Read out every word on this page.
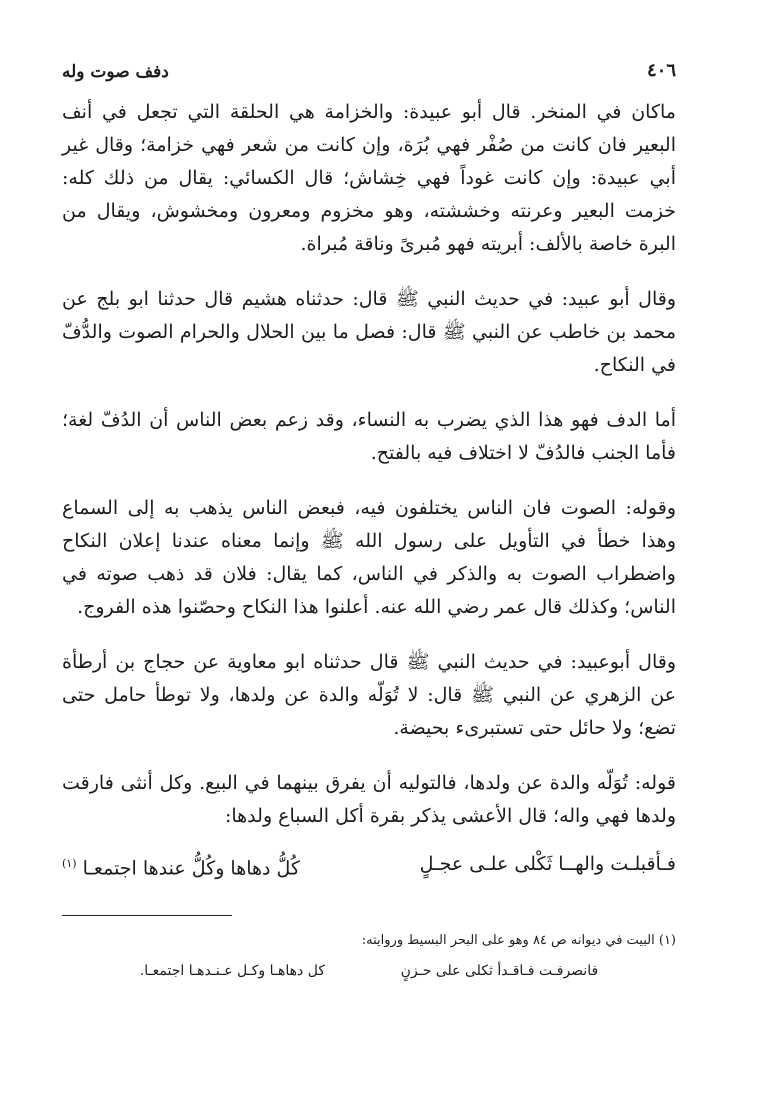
٤٠٦
دفف صوت وله

ماكان في المنخر. قال أبو عبيدة: والخزامة هي الحلقة التي تجعل في أنف البعير فان كانت من صُفْر فهي بُرَة، وإن كانت من شعر فهي خزامة؛ وقال غير أبي عبيدة: وإن كانت غوداً فهي خِشاش؛ قال الكسائي: يقال من ذلك كله: خزمت البعير وعرنته وخششته، وهو مخزوم ومعرون ومخشوش، ويقال من البرة خاصة بالألف: أبريته فهو مُبرىً وناقة مُبراة.

وقال أبو عبيد: في حديث النبي ﷺ قال: حدثناه هشيم قال حدثنا ابو بلج عن محمد بن خاطب عن النبي ﷺ قال: فصل ما بين الحلال والحرام الصوت والدُّفّ في النكاح.

أما الدف فهو هذا الذي يضرب به النساء، وقد زعم بعض الناس أن الدُفّ لغة؛ فأما الجنب فالدُفّ لا اختلاف فيه بالفتح.

وقوله: الصوت فان الناس يختلفون فيه، فبعض الناس يذهب به إلى السماع وهذا خطأ في التأويل على رسول الله ﷺ وإنما معناه عندنا إعلان النكاح واضطراب الصوت به والذكر في الناس، كما يقال: فلان قد ذهب صوته في الناس؛ وكذلك قال عمر رضي الله عنه. أعلنوا هذا النكاح وحصّنوا هذه الفروج.

وقال أبوعبيد: في حديث النبي ﷺ قال حدثناه ابو معاوية عن حجاج بن أرطأة عن الزهري عن النبي ﷺ قال: لا تُوَلّه والدة عن ولدها، ولا توطأ حامل حتى تضع؛ ولا حائل حتى تستبرىء بحيضة.

قوله: تُوَلّه والدة عن ولدها، فالتوليه أن يفرق بينهما في البيع. وكل أنثى فارقت ولدها فهي واله؛ قال الأعشى يذكر بقرة أكل السباع ولدها:

فـأقبلـت والهــا ثَكْلى علـى عجـلٍ
كُلُّ دهاها وكُلُّ عندها اجتمعـا $^{(١)}$

(١) البيت في ديوانه ص ٨٤ وهو على البحر البسيط وروايته:

فانصرفـت فـاقـدأ ثكلى على حـزنٍ
كل دهاهـا وكـل عـنـدهـا اجتمعـا.
